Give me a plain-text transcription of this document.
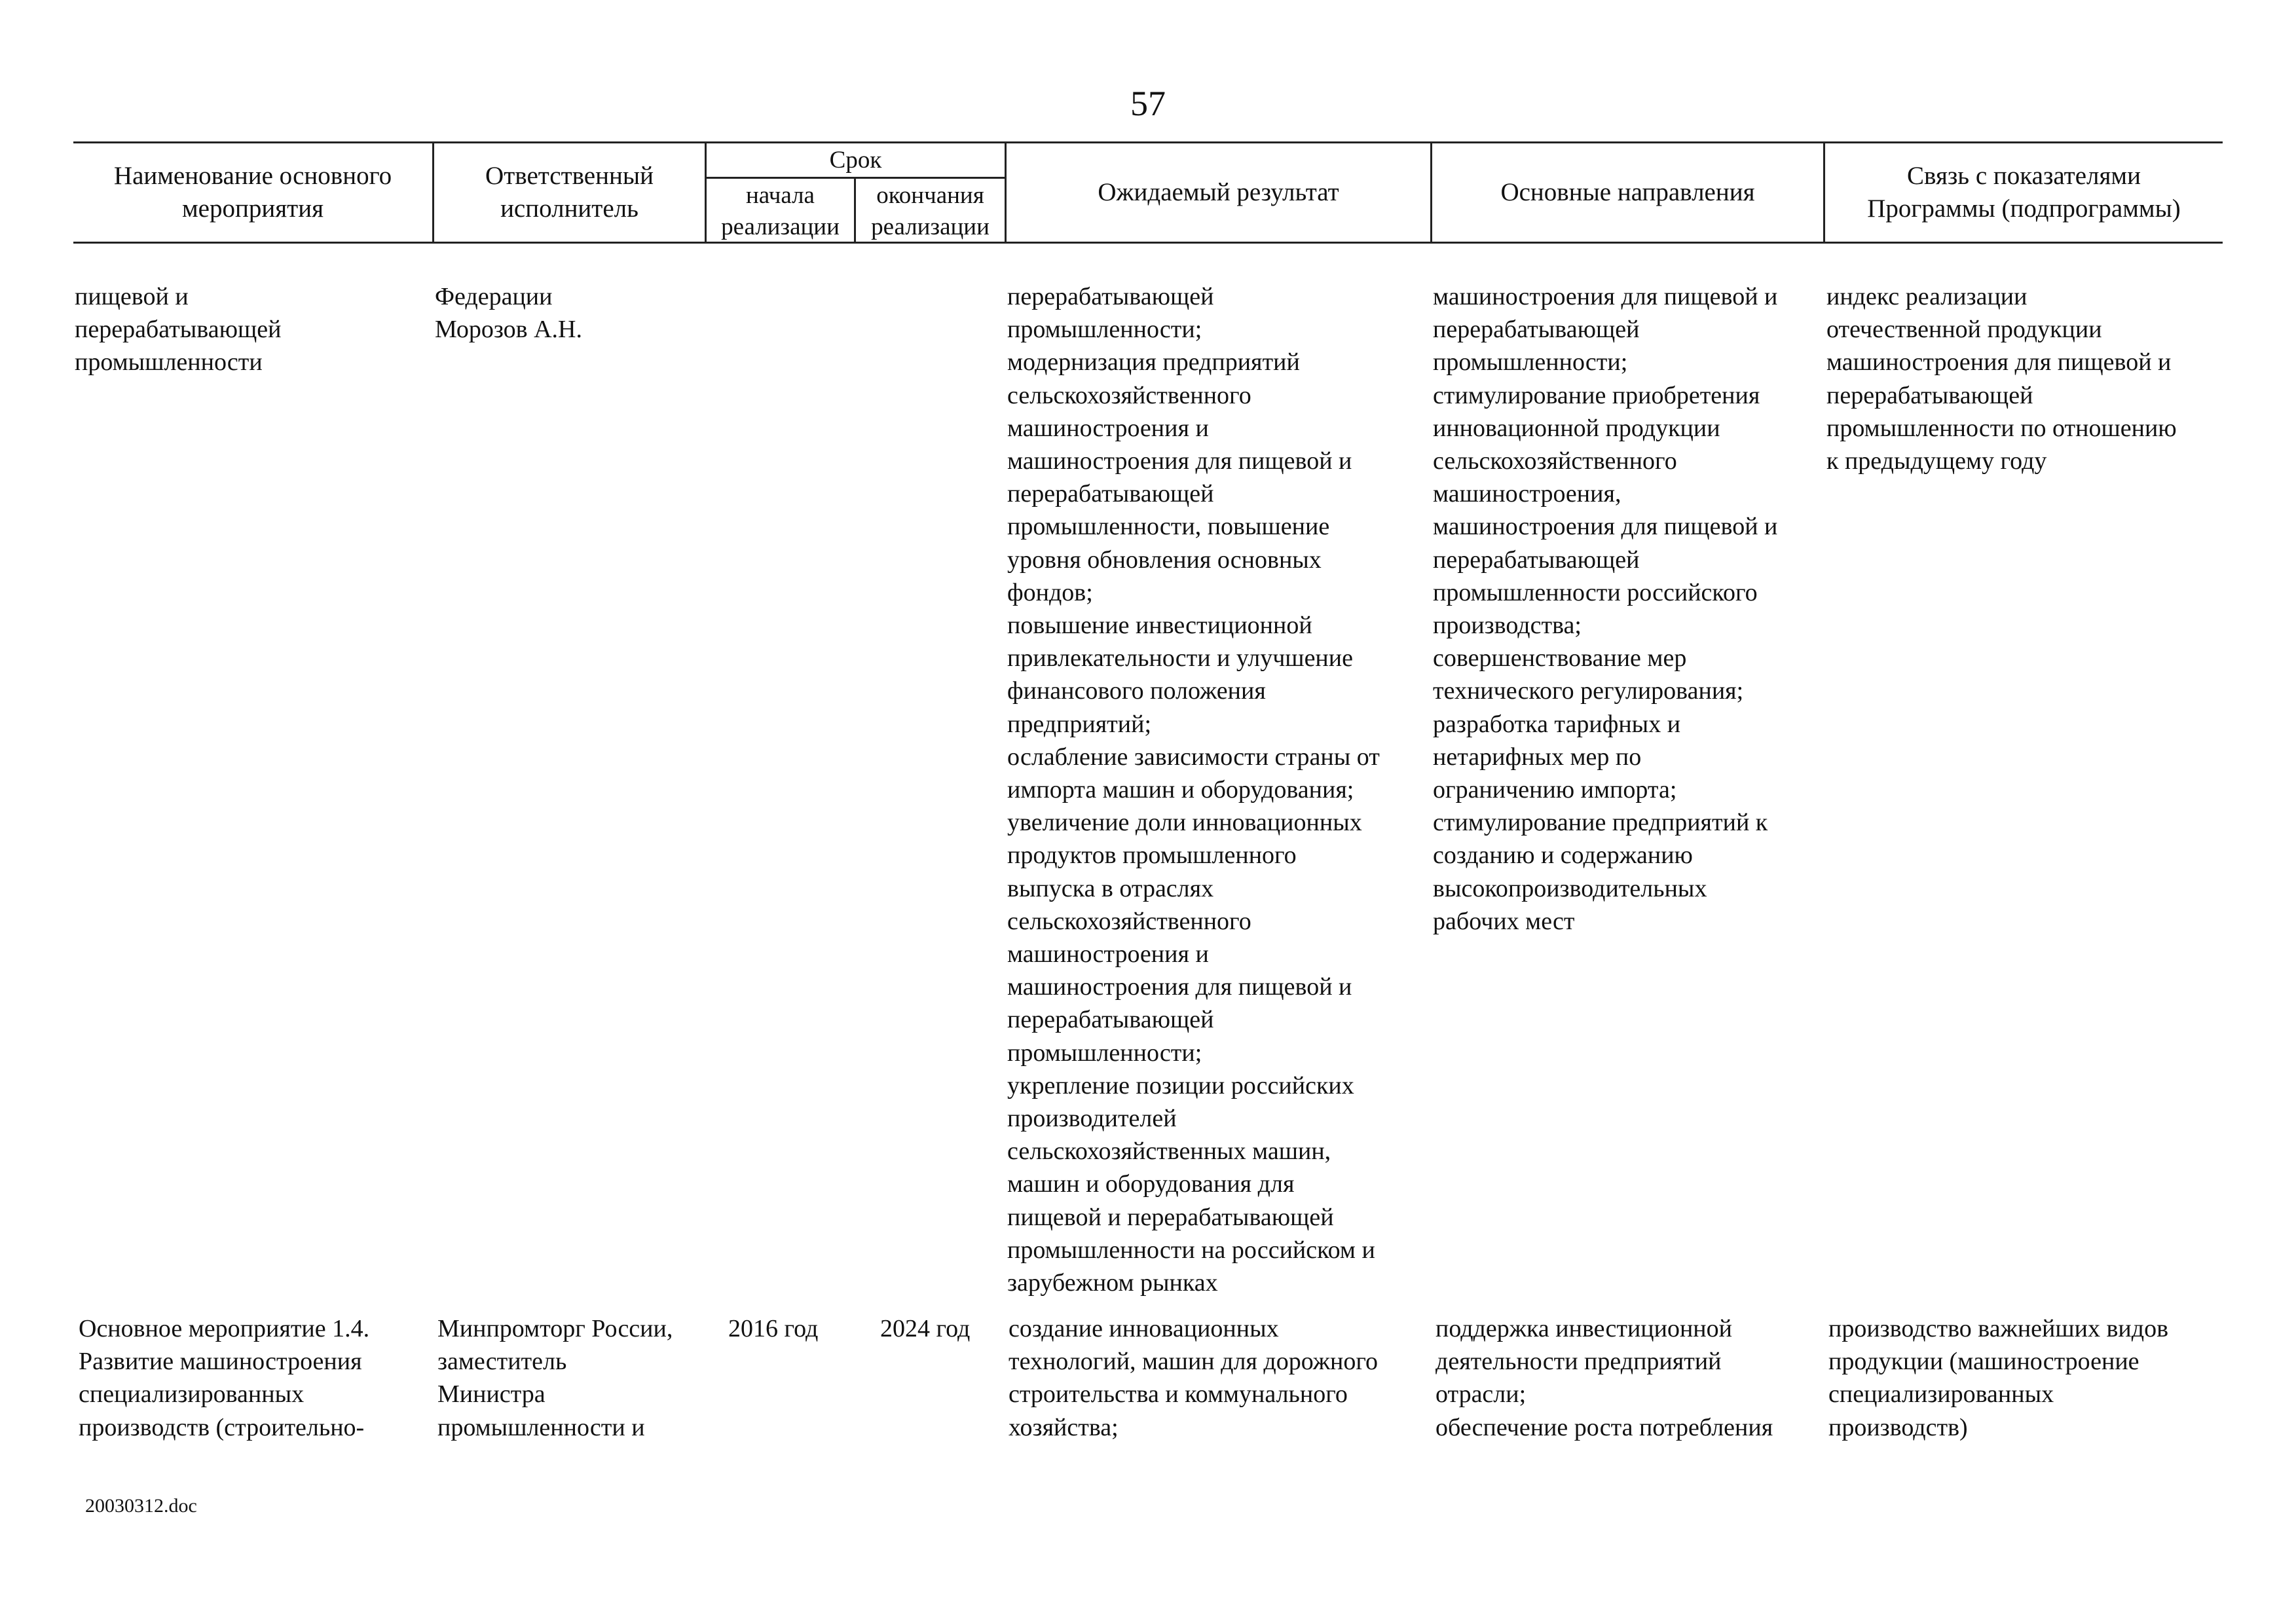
57
Наименование основного
мероприятия
Ответственный
исполнитель
Срок
начала
реализации
окончания
реализации
Ожидаемый результат	Основные направления
Связь с показателями
Программы (подпрограммы)
пищевой и
перерабатывающей
промышленности
Федерации
Морозов А.Н.
перерабатывающей
промышленности;
модернизация предприятий
сельскохозяйственного
машиностроения и
машиностроения для пищевой и
перерабатывающей
промышленности, повышение
уровня обновления основных
фондов;
повышение инвестиционной
привлекательности и улучшение
финансового положения
предприятий;
ослабление зависимости страны от
импорта машин и оборудования;
увеличение доли инновационных
продуктов промышленного
выпуска в отраслях
сельскохозяйственного
машиностроения и
машиностроения для пищевой и
перерабатывающей
промышленности;
укрепление позиции российских
производителей
сельскохозяйственных машин,
машин и оборудования для
пищевой и перерабатывающей
промышленности на российском и
зарубежном рынках
машиностроения для пищевой и
перерабатывающей
промышленности;
стимулирование приобретения
инновационной продукции
сельскохозяйственного
машиностроения,
машиностроения для пищевой и
перерабатывающей
промышленности российского
производства;
совершенствование мер
технического регулирования;
разработка тарифных и
нетарифных мер по
ограничению импорта;
стимулирование предприятий к
созданию и содержанию
высокопроизводительных
рабочих мест
индекс реализации
отечественной продукции
машиностроения для пищевой и
перерабатывающей
промышленности по отношению
к предыдущему году
Основное мероприятие 1.4.
Развитие машиностроения
специализированных
производств (строительно-
Минпромторг России,
заместитель
Министра
промышленности и
2016 год 2024 год создание инновационных
технологий, машин для дорожного
строительства и коммунального
хозяйства;
поддержка инвестиционной
деятельности предприятий
отрасли;
обеспечение роста потребления
производство важнейших видов
продукции (машиностроение
специализированных
производств)
20030312.doc
